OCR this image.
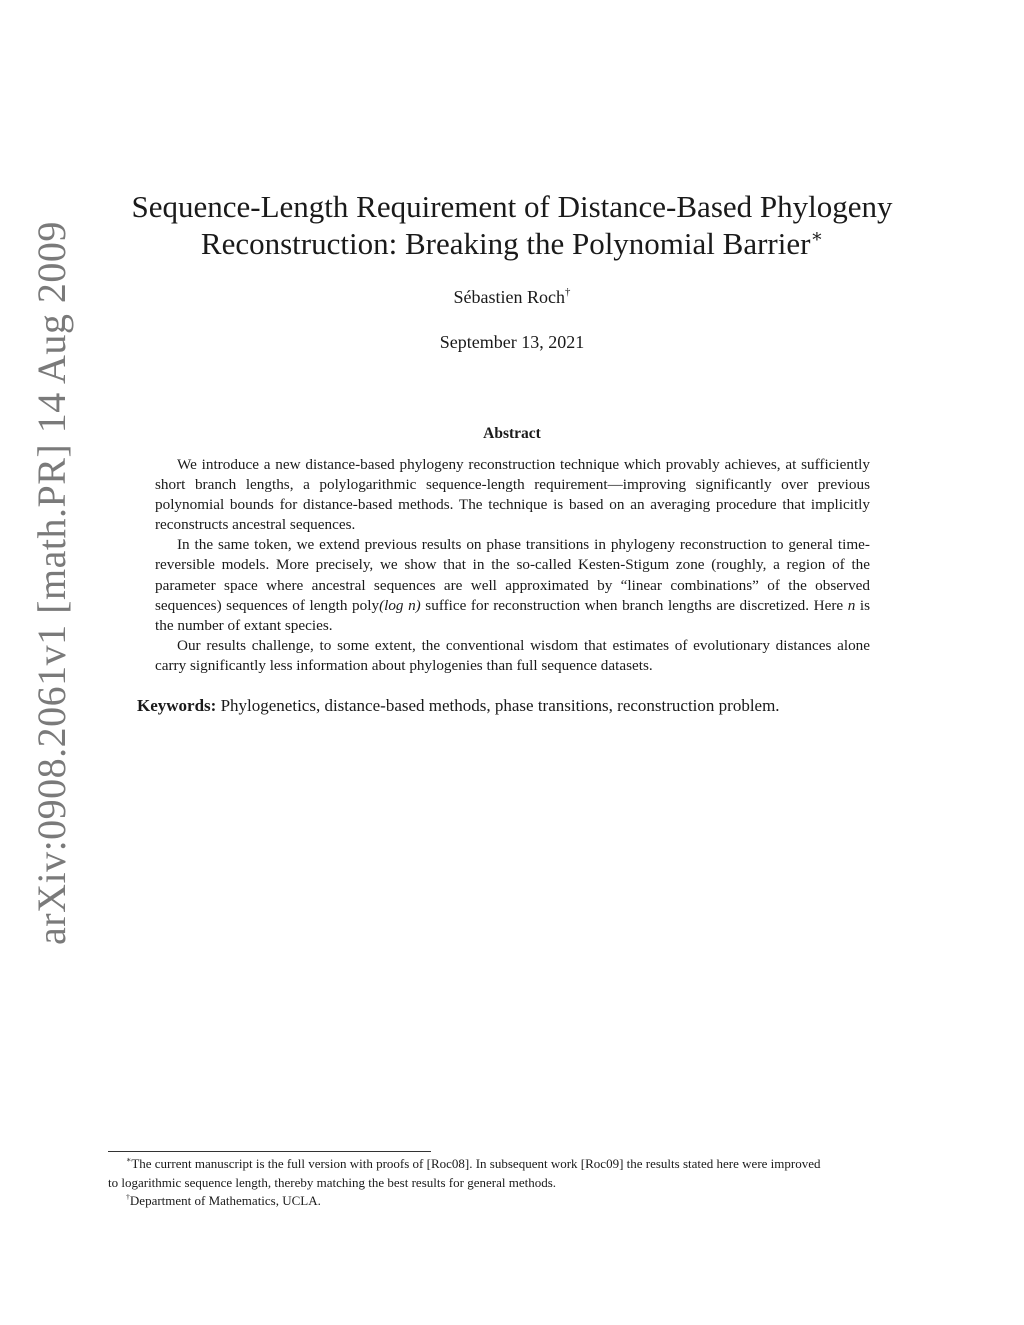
arXiv:0908.2061v1 [math.PR] 14 Aug 2009
Sequence-Length Requirement of Distance-Based Phylogeny
Reconstruction: Breaking the Polynomial Barrier∗
Sébastien Roch†
September 13, 2021
Abstract

We introduce a new distance-based phylogeny reconstruction technique which provably achieves, at sufficiently short branch lengths, a polylogarithmic sequence-length requirement—improving significantly over previous polynomial bounds for distance-based methods. The technique is based on an averaging procedure that implicitly reconstructs ancestral sequences.

In the same token, we extend previous results on phase transitions in phylogeny reconstruction to general time-reversible models. More precisely, we show that in the so-called Kesten-Stigum zone (roughly, a region of the parameter space where ancestral sequences are well approximated by “linear combinations” of the observed sequences) sequences of length poly(log n) suffice for reconstruction when branch lengths are discretized. Here n is the number of extant species.

Our results challenge, to some extent, the conventional wisdom that estimates of evolutionary distances alone carry significantly less information about phylogenies than full sequence datasets.

Keywords: Phylogenetics, distance-based methods, phase transitions, reconstruction problem.

∗The current manuscript is the full version with proofs of [Roc08]. In subsequent work [Roc09] the results stated here were improved

to logarithmic sequence length, thereby matching the best results for general methods.

†Department of Mathematics, UCLA.
